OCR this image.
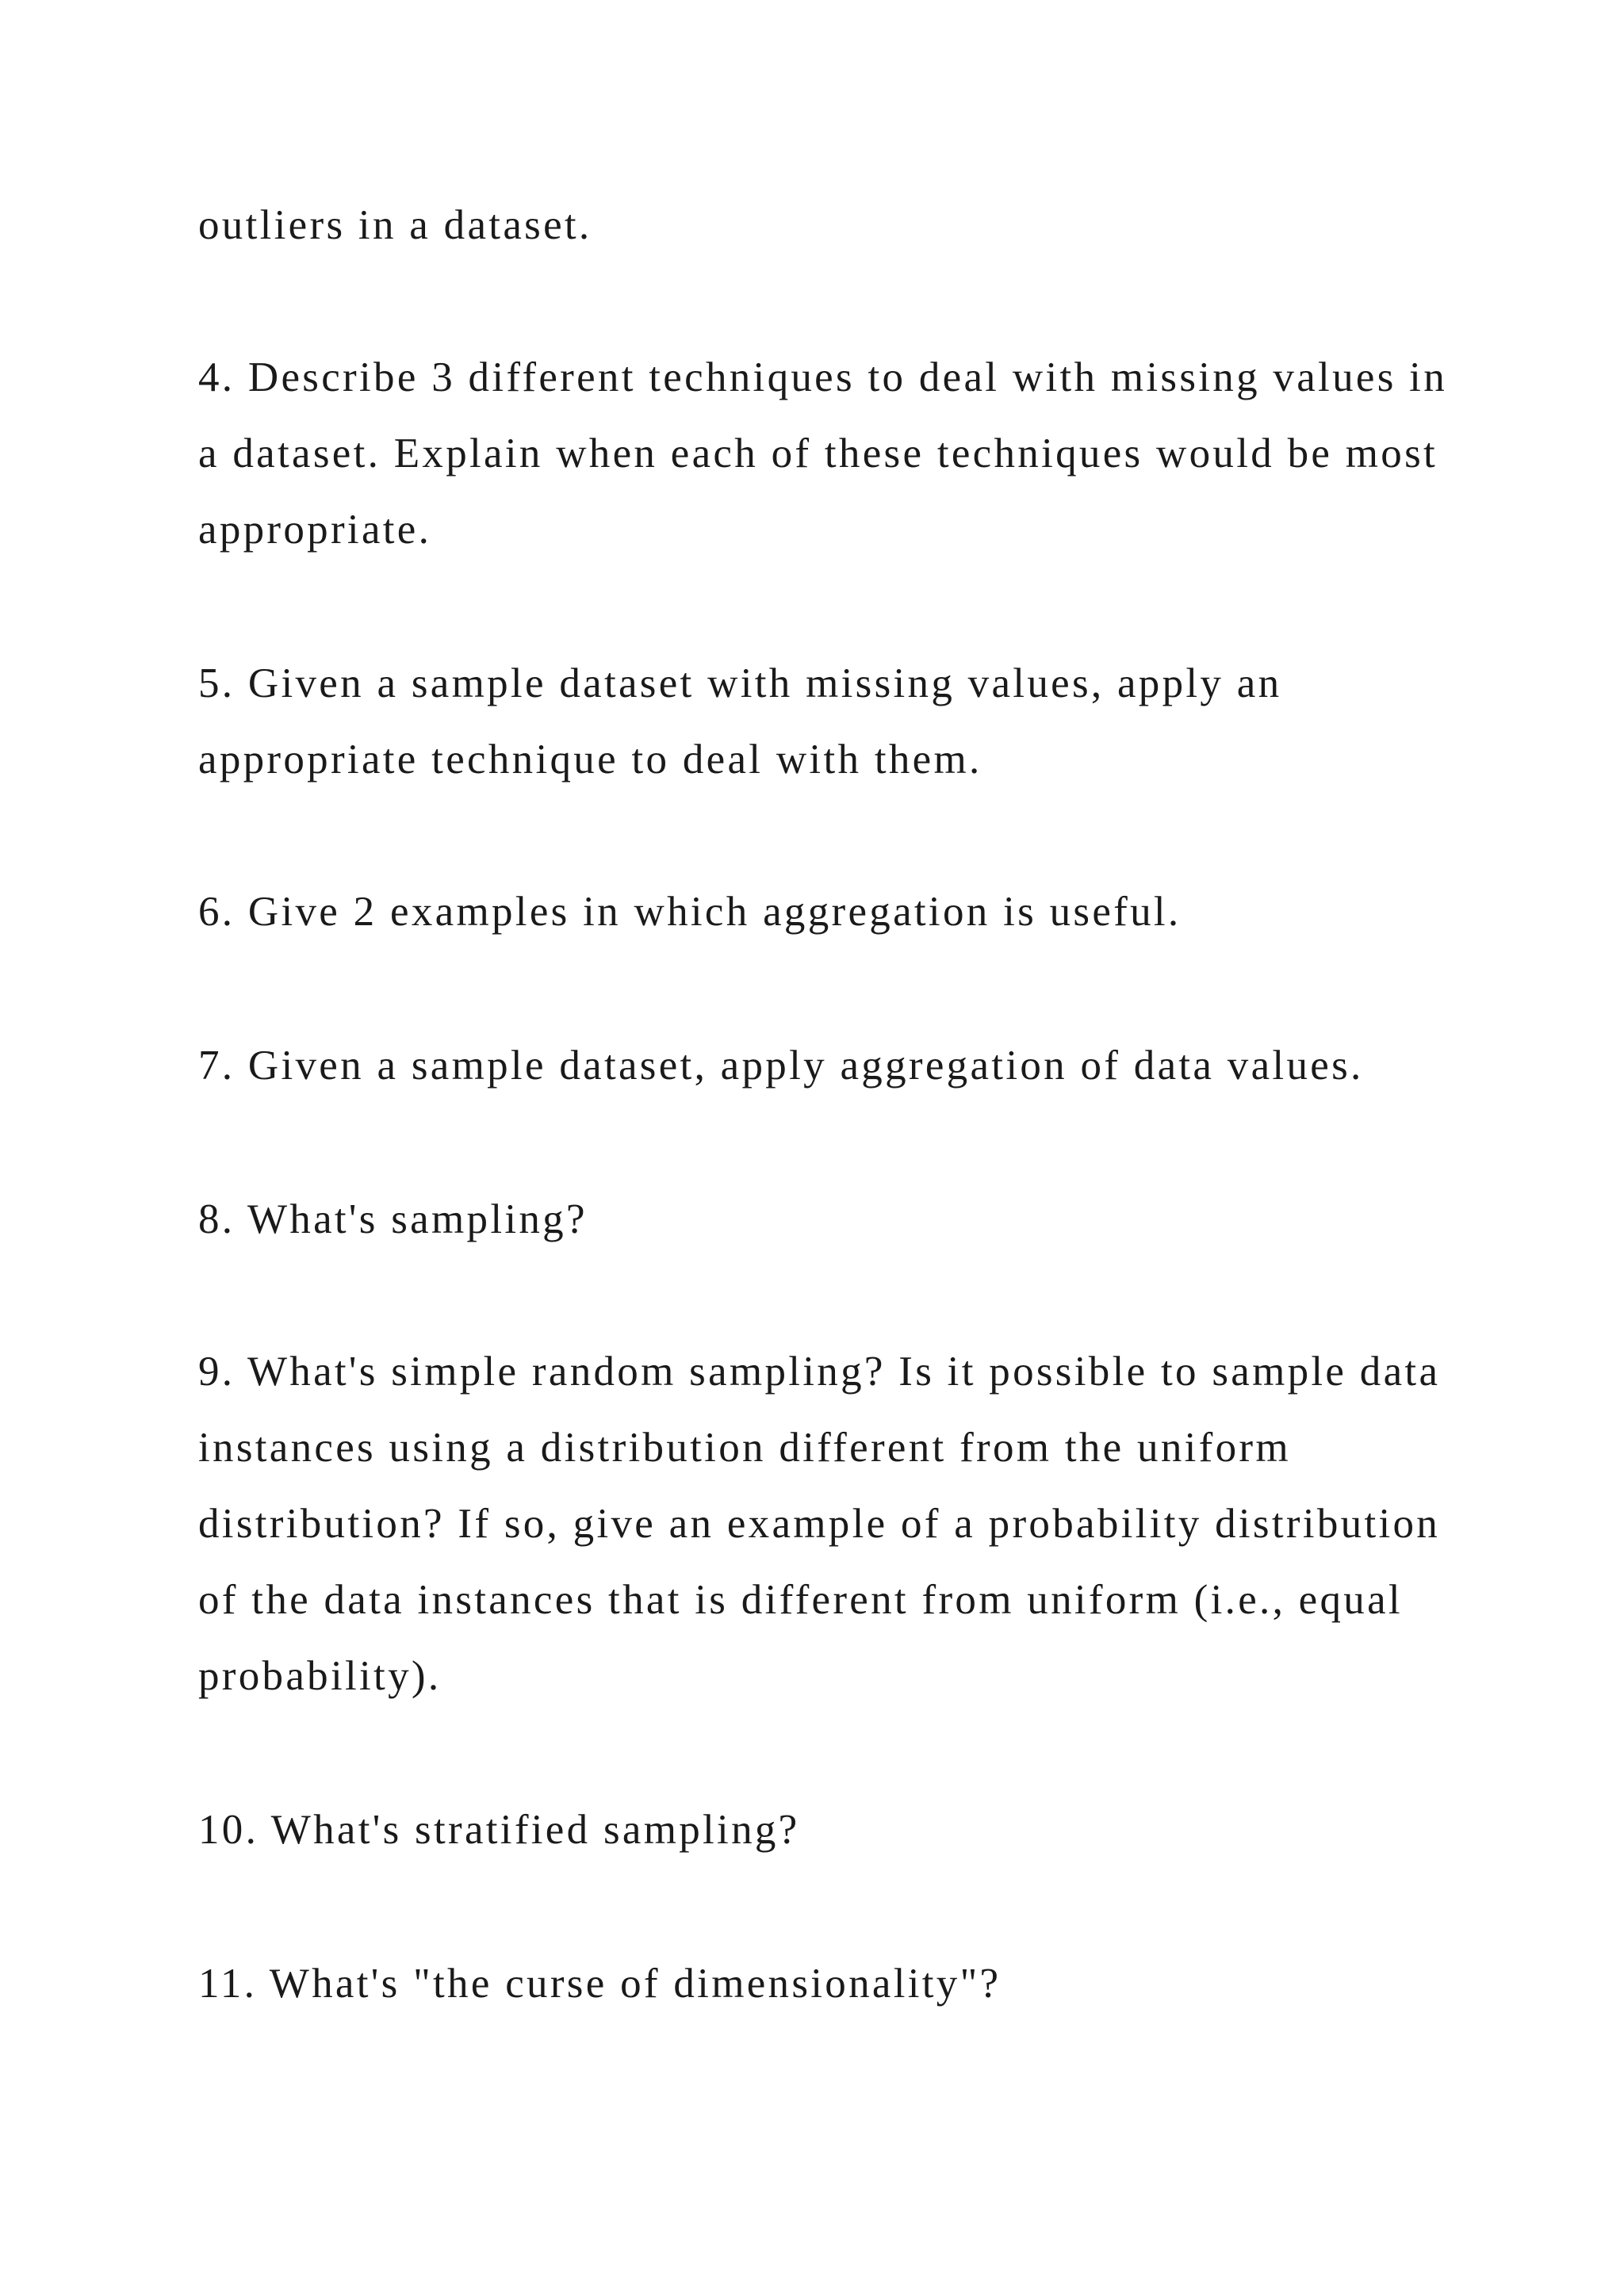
outliers in a dataset.

4. Describe 3 different techniques to deal with missing values in

a dataset. Explain when each of these techniques would be most

appropriate.

5. Given a sample dataset with missing values, apply an

appropriate technique to deal with them.

6. Give 2 examples in which aggregation is useful.

7. Given a sample dataset, apply aggregation of data values.

8. What's sampling?

9. What's simple random sampling? Is it possible to sample data

instances using a distribution different from the uniform

distribution? If so, give an example of a probability distribution

of the data instances that is different from uniform (i.e., equal

probability).

10. What's stratified sampling?

11. What's "the curse of dimensionality"?
